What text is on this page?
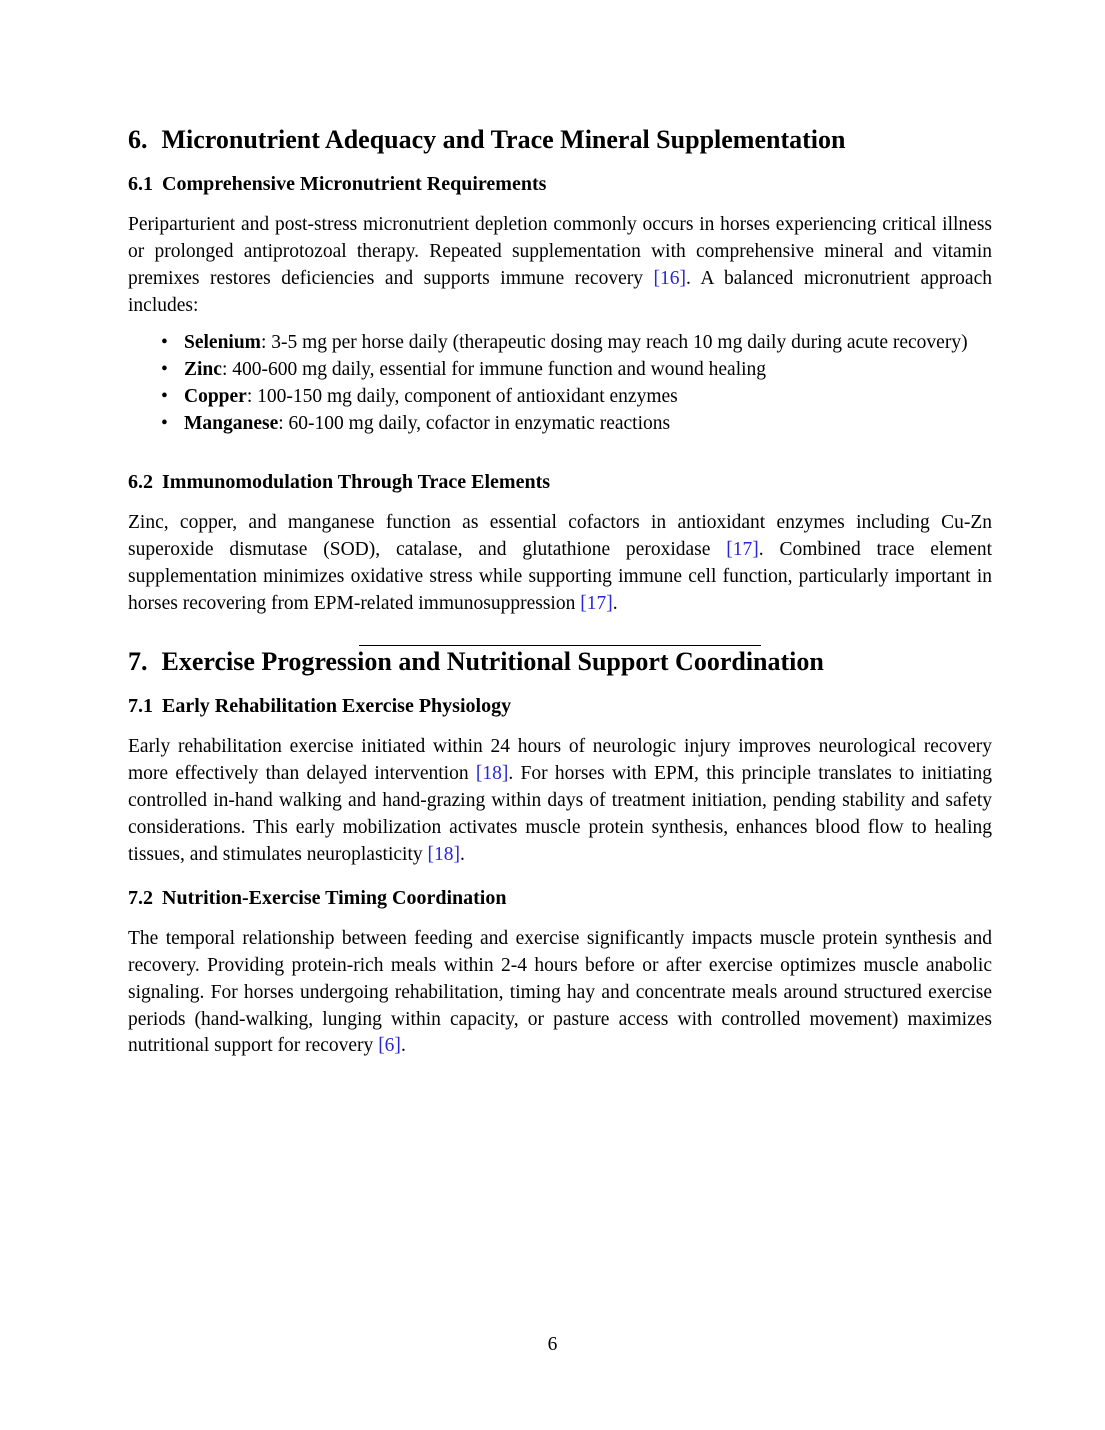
6. Micronutrient Adequacy and Trace Mineral Supplementation
6.1 Comprehensive Micronutrient Requirements

Periparturient and post-stress micronutrient depletion commonly occurs in horses experiencing critical illness or prolonged antiprotozoal therapy. Repeated supplementation with comprehensive mineral and vitamin premixes restores deficiencies and supports immune recovery [16]. A balanced micronutrient approach includes:

• Selenium: 3-5 mg per horse daily (therapeutic dosing may reach 10 mg daily during acute recovery)
• Zinc: 400-600 mg daily, essential for immune function and wound healing
• Copper: 100-150 mg daily, component of antioxidant enzymes
• Manganese: 60-100 mg daily, cofactor in enzymatic reactions
6.2 Immunomodulation Through Trace Elements

Zinc, copper, and manganese function as essential cofactors in antioxidant enzymes including Cu-Zn superoxide dismutase (SOD), catalase, and glutathione peroxidase [17]. Combined trace element supplementation minimizes oxidative stress while supporting immune cell function, particularly important in horses recovering from EPM-related immunosuppression [17].

7. Exercise Progression and Nutritional Support Coordination
7.1 Early Rehabilitation Exercise Physiology

Early rehabilitation exercise initiated within 24 hours of neurologic injury improves neurological recovery more effectively than delayed intervention [18]. For horses with EPM, this principle translates to initiating controlled in-hand walking and hand-grazing within days of treatment initiation, pending stability and safety considerations. This early mobilization activates muscle protein synthesis, enhances blood flow to healing tissues, and stimulates neuroplasticity [18].

7.2 Nutrition-Exercise Timing Coordination

The temporal relationship between feeding and exercise significantly impacts muscle protein synthesis and recovery. Providing protein-rich meals within 2-4 hours before or after exercise optimizes muscle anabolic signaling. For horses undergoing rehabilitation, timing hay and concentrate meals around structured exercise periods (hand-walking, lunging within capacity, or pasture access with controlled movement) maximizes nutritional support for recovery [6].

6
